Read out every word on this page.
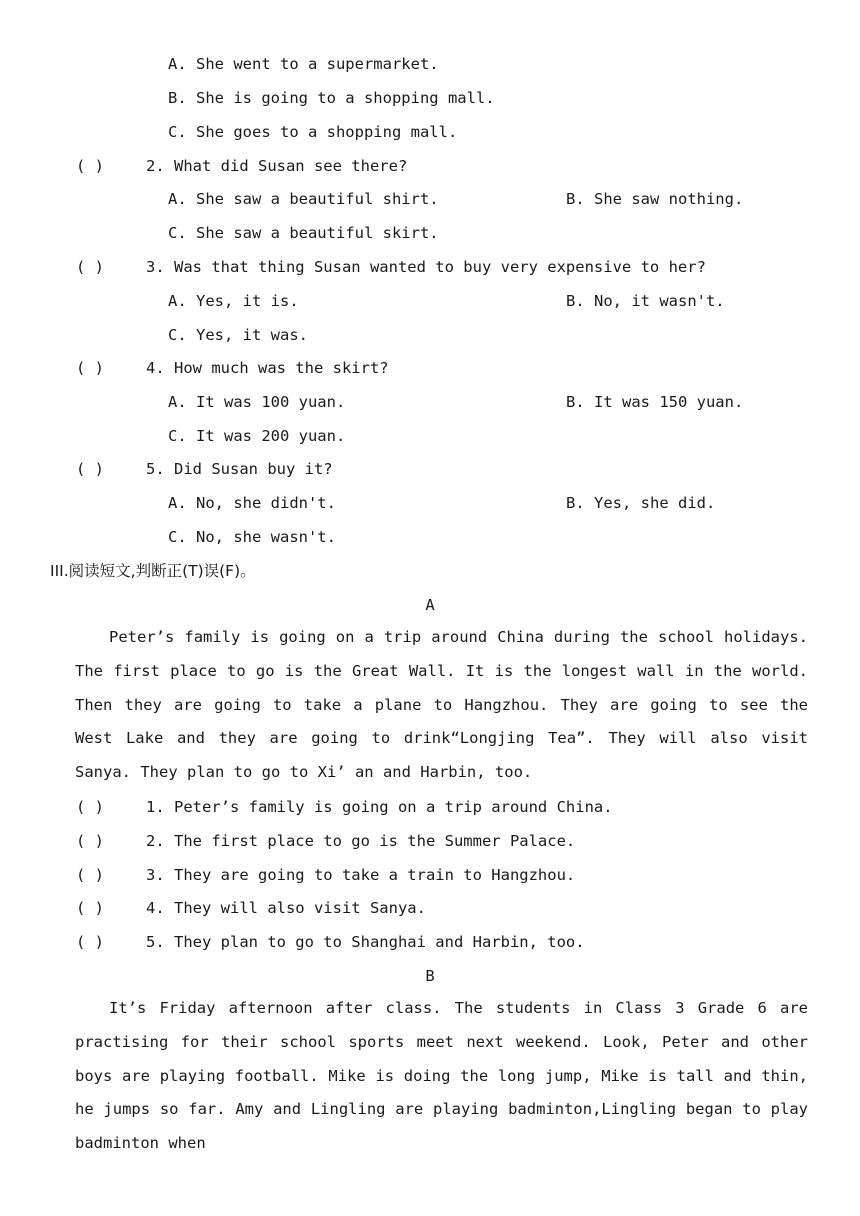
A. She went to a supermarket.
B. She is going to a shopping mall.
C. She goes to a shopping mall.
( )	2. What did Susan see there?
A. She saw a beautiful shirt.	B. She saw nothing.
C. She saw a beautiful skirt.
( )	3. Was that thing Susan wanted to buy very expensive to her?
A. Yes, it is.	B. No, it wasn't.
C. Yes, it was.
( )	4. How much was the skirt?
A. It was 100 yuan.	B. It was 150 yuan.
C. It was 200 yuan.
( )	5. Did Susan buy it?
A. No, she didn't.	B. Yes, she did.
C. No, she wasn't.
III.阅读短文,判断正(T)误(F)。
A
Peter’s family is going on a trip around China during the school holidays. The first place to go is the Great Wall. It is the longest wall in the world. Then they are going to take a plane to Hangzhou. They are going to see the West Lake and they are going to drink“Longjing Tea”. They will also visit Sanya. They plan to go to Xi’ an and Harbin, too.
( )	1. Peter’s family is going on a trip around China.
( )	2. The first place to go is the Summer Palace.
( )	3. They are going to take a train to Hangzhou.
( )	4. They will also visit Sanya.
( )	5. They plan to go to Shanghai and Harbin, too.
B
It’s Friday afternoon after class. The students in Class 3 Grade 6 are practising for their school sports meet next weekend. Look, Peter and other boys are playing football. Mike is doing the long jump, Mike is tall and thin, he jumps so far. Amy and Lingling are playing badminton,Lingling began to play badminton when
